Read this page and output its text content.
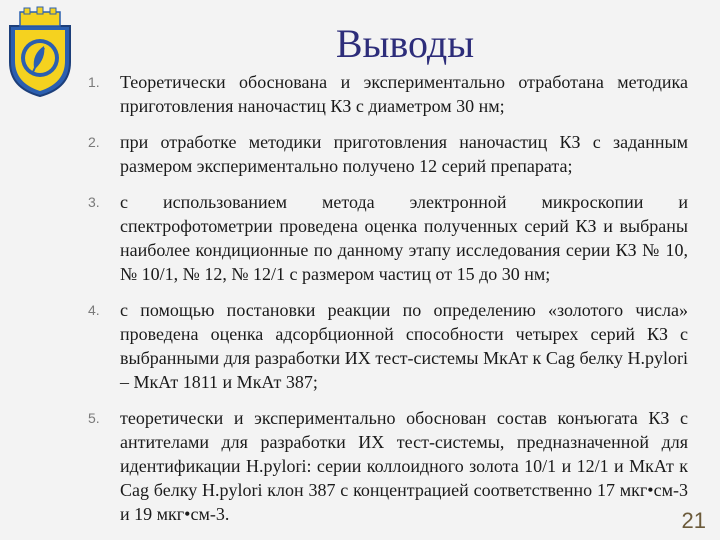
Выводы
1.	Теоретически обоснована и экспериментально отработана методика приготовления наночастиц КЗ с диаметром 30 нм;
2.	при отработке методики приготовления наночастиц КЗ с заданным размером экспериментально получено 12 серий препарата;
3.	с использованием метода электронной микроскопии и спектрофотометрии проведена оценка полученных серий КЗ и выбраны наиболее кондиционные по данному этапу исследования серии КЗ № 10, № 10/1, № 12, № 12/1 с размером частиц от 15 до 30 нм;
4.	с помощью постановки реакции по определению «золотого числа» проведена оценка адсорбционной способности четырех серий КЗ с выбранными для разработки ИХ тест-системы МкАт к Cag белку H.pylori – МкАт 1811 и МкАт 387;
5.	теоретически и экспериментально обоснован состав конъюгата КЗ с антителами для разработки ИХ тест-системы, предназначенной для идентификации H.pylori: серии коллоидного золота 10/1 и 12/1 и МкАт к Cag белку H.pylori клон 387 с концентрацией соответственно 17 мкг•см-3 и 19 мкг•см-3.	21
